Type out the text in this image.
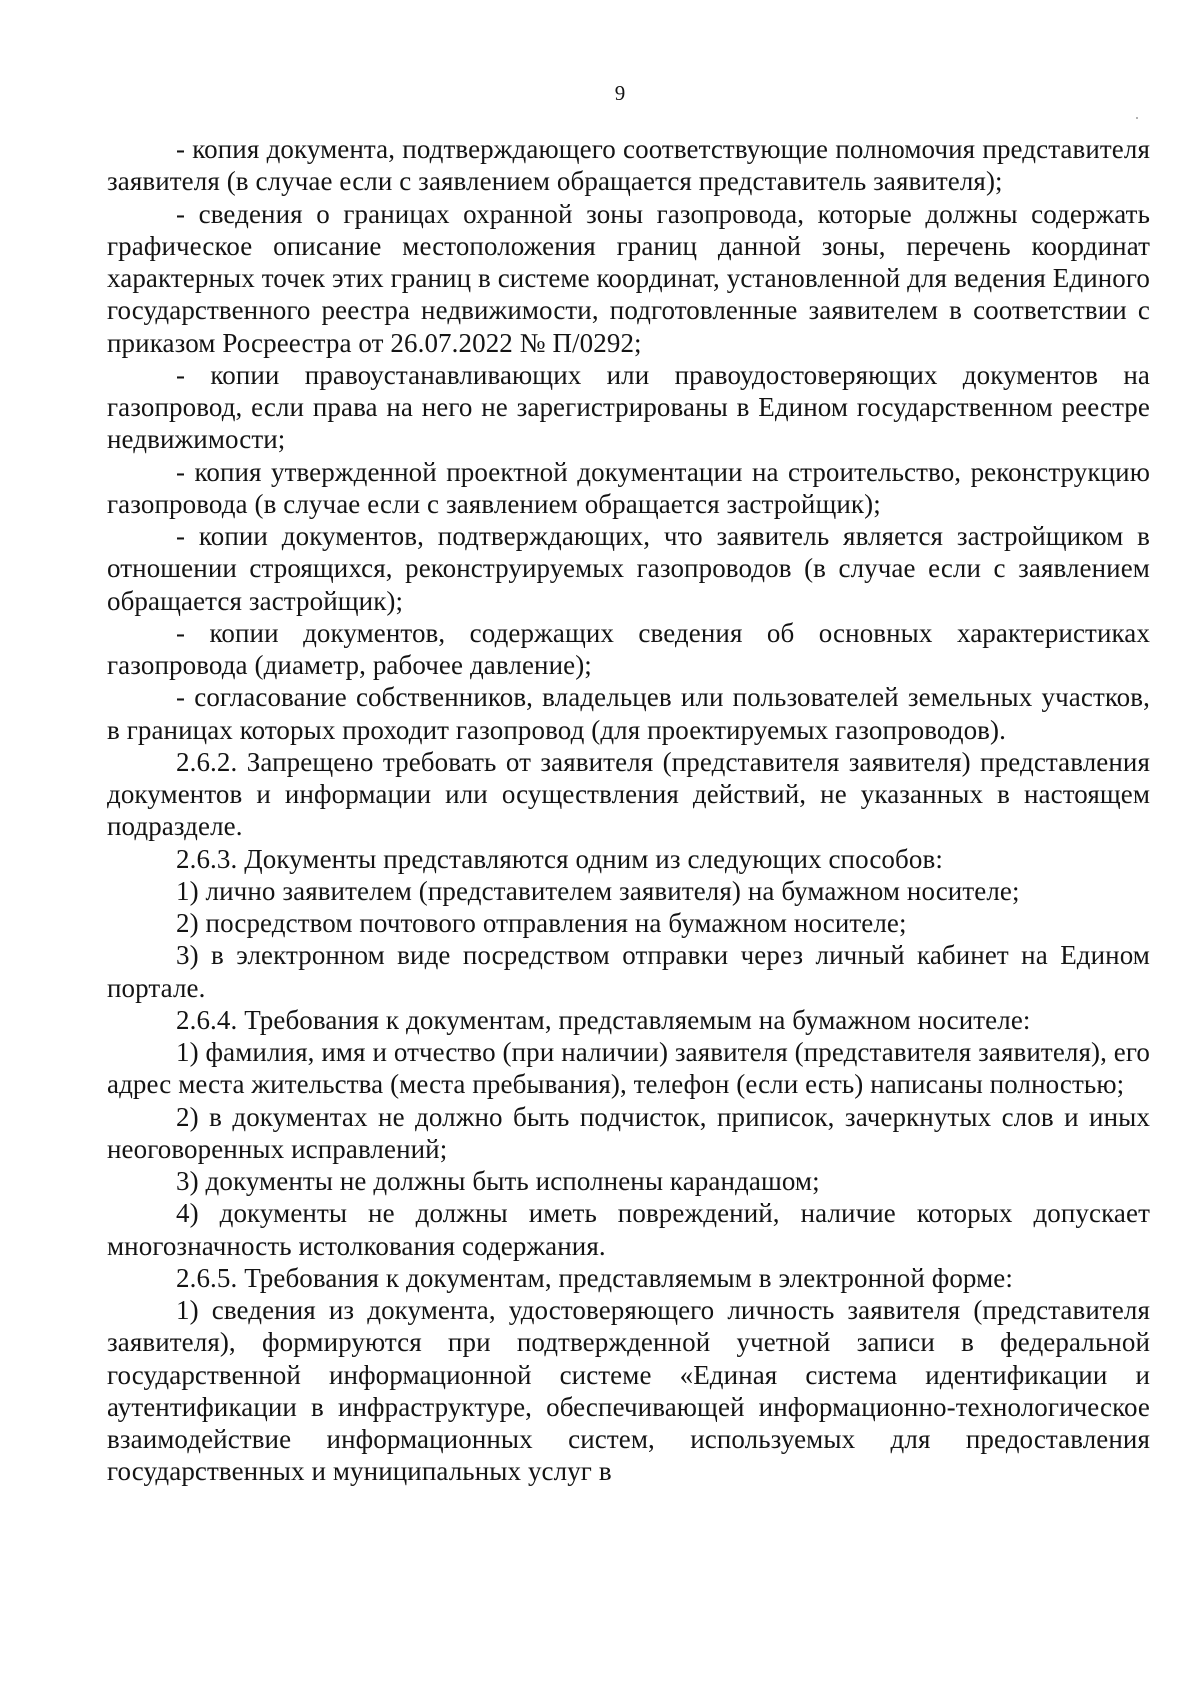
9

- копия документа, подтверждающего соответствующие полномочия представителя заявителя (в случае если с заявлением обращается представитель заявителя);

- сведения о границах охранной зоны газопровода, которые должны содержать графическое описание местоположения границ данной зоны, перечень координат характерных точек этих границ в системе координат, установленной для ведения Единого государственного реестра недвижимости, подготовленные заявителем в соответствии с приказом Росреестра от 26.07.2022 № П/0292;

- копии правоустанавливающих или правоудостоверяющих документов на газопровод, если права на него не зарегистрированы в Едином государственном реестре недвижимости;

- копия утвержденной проектной документации на строительство, реконструкцию газопровода (в случае если с заявлением обращается застройщик);

- копии документов, подтверждающих, что заявитель является застройщиком в отношении строящихся, реконструируемых газопроводов (в случае если с заявлением обращается застройщик);

- копии документов, содержащих сведения об основных характеристиках газопровода (диаметр, рабочее давление);

- согласование собственников, владельцев или пользователей земельных участков, в границах которых проходит газопровод (для проектируемых газопроводов).

2.6.2. Запрещено требовать от заявителя (представителя заявителя) представления документов и информации или осуществления действий, не указанных в настоящем подразделе.

2.6.3. Документы представляются одним из следующих способов:

1) лично заявителем (представителем заявителя) на бумажном носителе;

2) посредством почтового отправления на бумажном носителе;

3) в электронном виде посредством отправки через личный кабинет на Едином портале.

2.6.4. Требования к документам, представляемым на бумажном носителе:

1) фамилия, имя и отчество (при наличии) заявителя (представителя заявителя), его адрес места жительства (места пребывания), телефон (если есть) написаны полностью;

2) в документах не должно быть подчисток, приписок, зачеркнутых слов и иных неоговоренных исправлений;

3) документы не должны быть исполнены карандашом;

4) документы не должны иметь повреждений, наличие которых допускает многозначность истолкования содержания.

2.6.5. Требования к документам, представляемым в электронной форме:

1) сведения из документа, удостоверяющего личность заявителя (представителя заявителя), формируются при подтвержденной учетной записи в федеральной государственной информационной системе «Единая система идентификации и аутентификации в инфраструктуре, обеспечивающей информационно-технологическое взаимодействие информационных систем, используемых для предоставления государственных и муниципальных услуг в
